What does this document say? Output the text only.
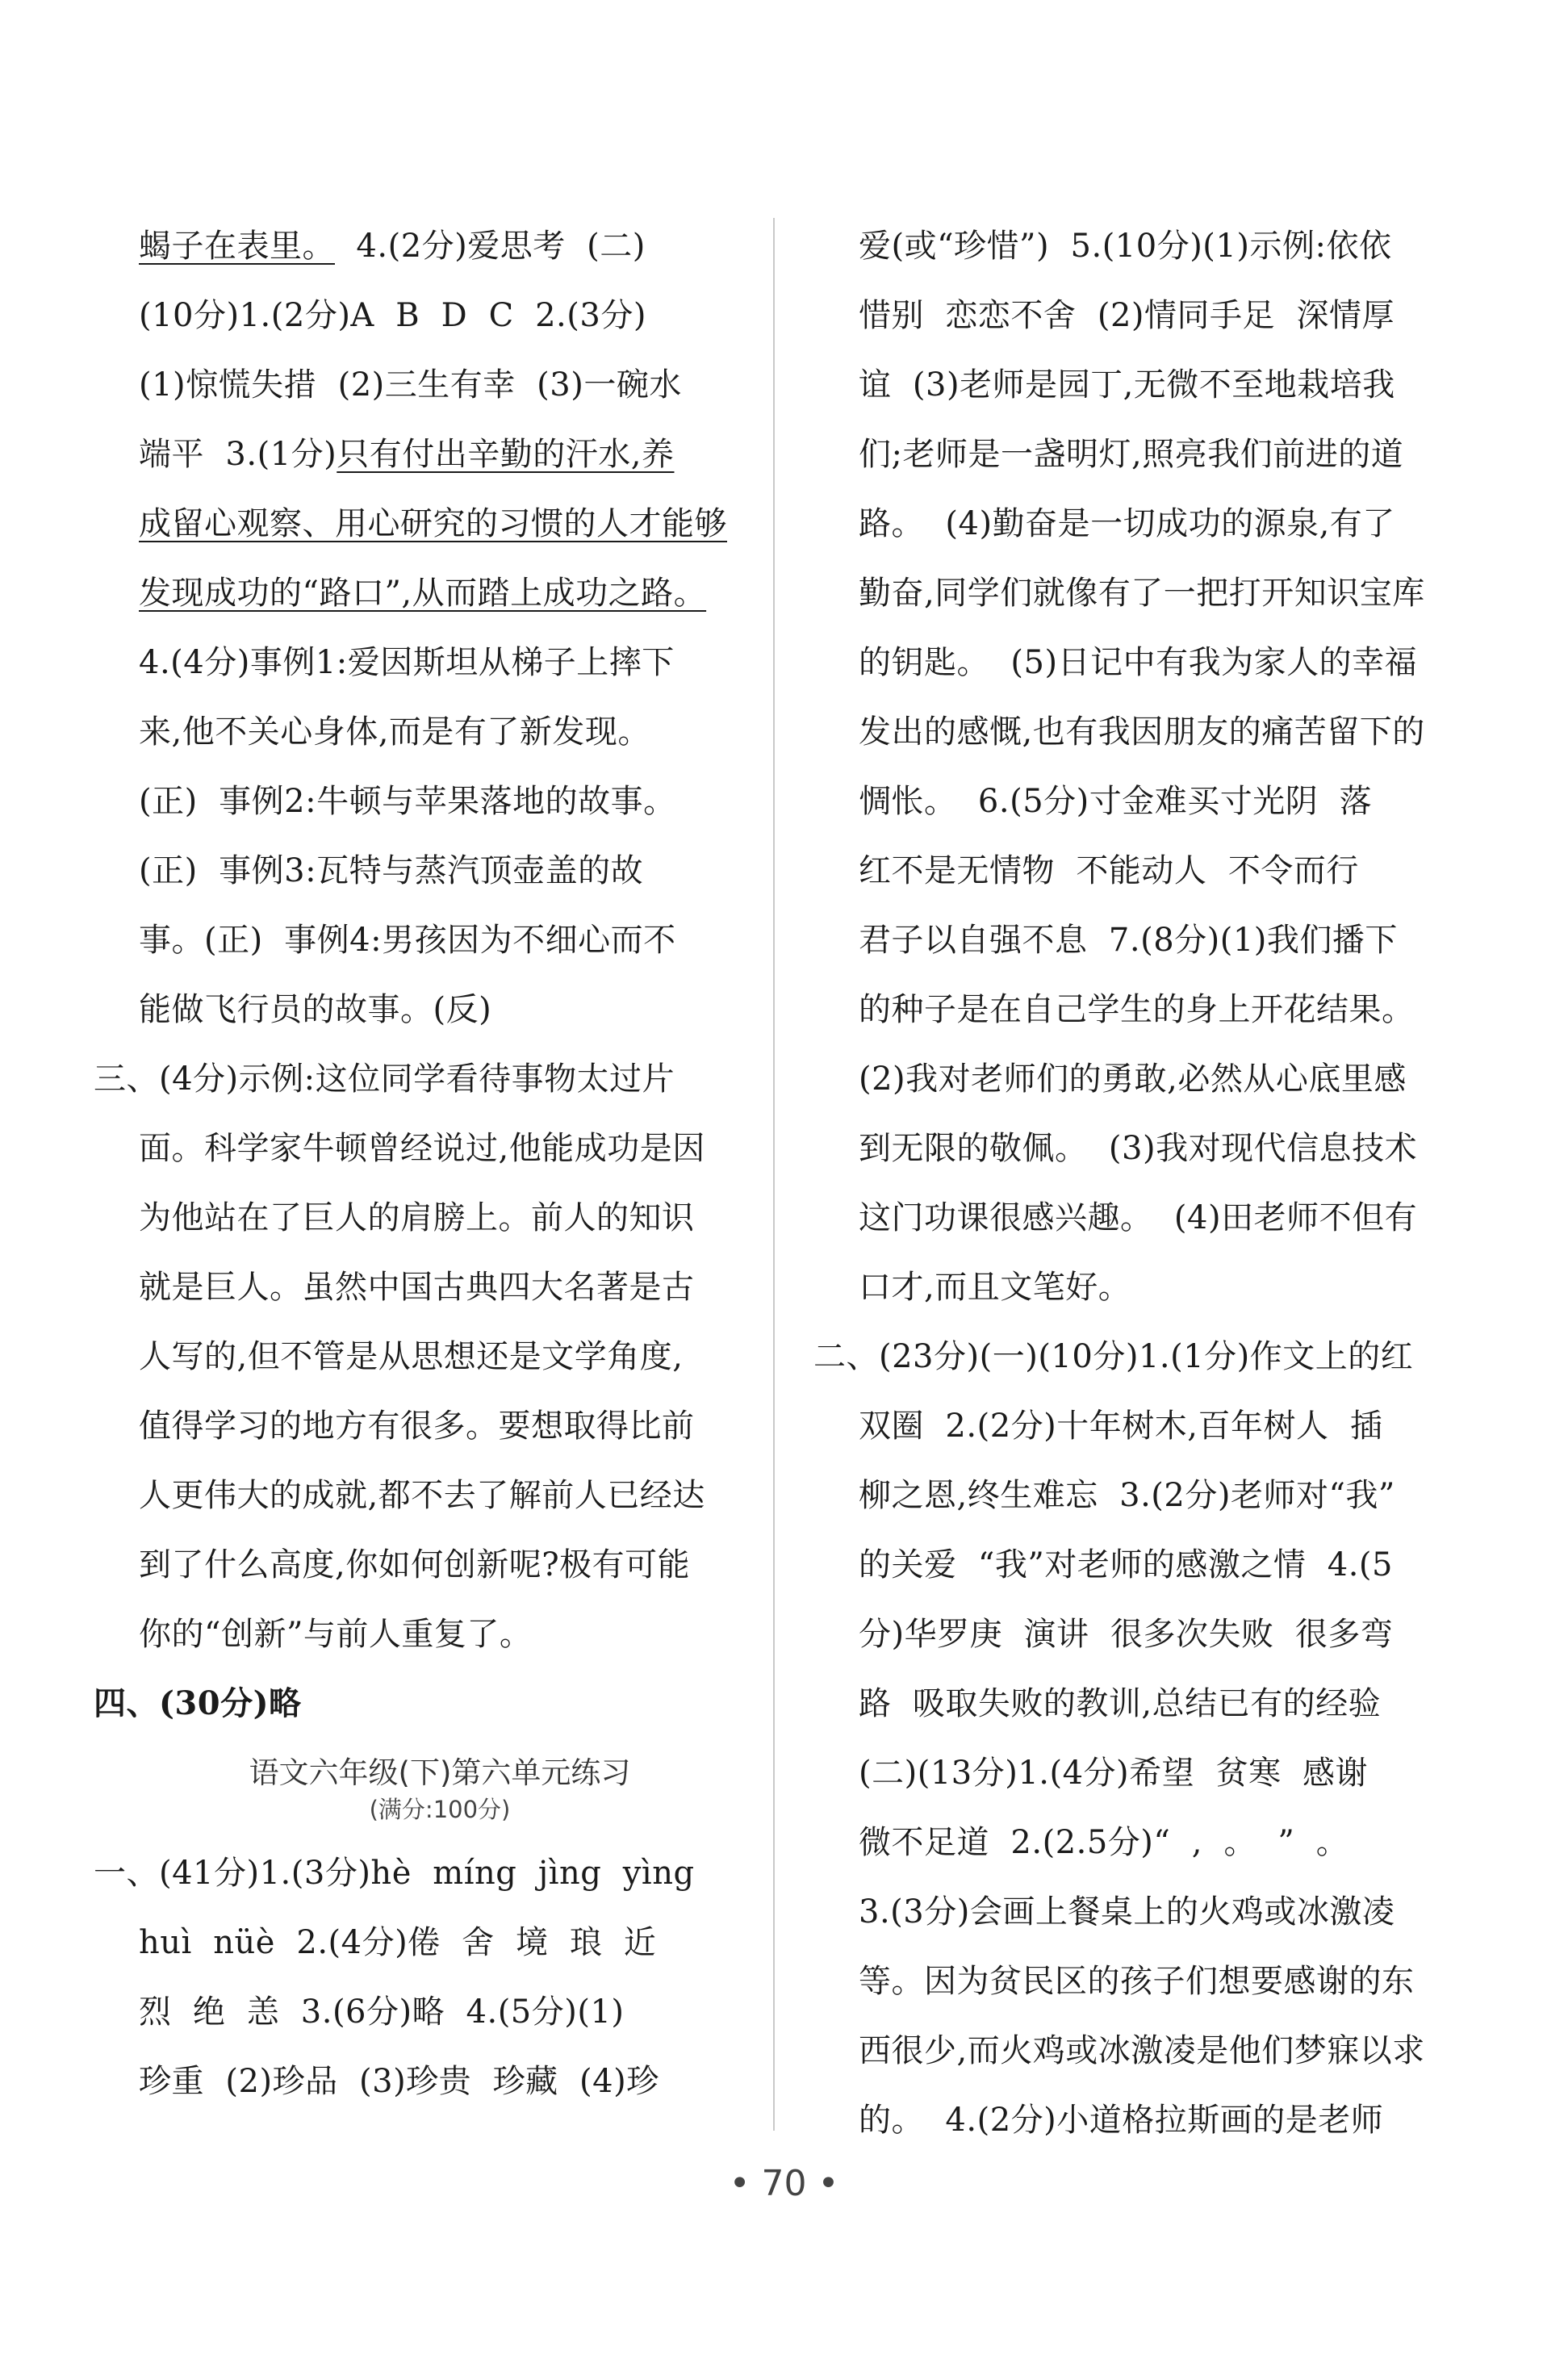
蝎子在表里。  4.(2分)爱思考  (二)
(10分)1.(2分)A  B  D  C  2.(3分)
(1)惊慌失措  (2)三生有幸  (3)一碗水
端平  3.(1分)只有付出辛勤的汗水,养
成留心观察、用心研究的习惯的人才能够
发现成功的“路口”,从而踏上成功之路。
4.(4分)事例1:爱因斯坦从梯子上摔下
来,他不关心身体,而是有了新发现。
(正)  事例2:牛顿与苹果落地的故事。
(正)  事例3:瓦特与蒸汽顶壶盖的故
事。(正)  事例4:男孩因为不细心而不
能做飞行员的故事。(反)
三、(4分)示例:这位同学看待事物太过片
面。科学家牛顿曾经说过,他能成功是因
为他站在了巨人的肩膀上。前人的知识
就是巨人。虽然中国古典四大名著是古
人写的,但不管是从思想还是文学角度,
值得学习的地方有很多。要想取得比前
人更伟大的成就,都不去了解前人已经达
到了什么高度,你如何创新呢?极有可能
你的“创新”与前人重复了。
四、(30分)略
语文六年级(下)第六单元练习
(满分:100分)
一、(41分)1.(3分)hè  míng  jìng  yìng
huì  nüè  2.(4分)倦  舍  境  琅  近
烈  绝  恙  3.(6分)略  4.(5分)(1)
珍重  (2)珍品  (3)珍贵  珍藏  (4)珍
爱(或“珍惜”)  5.(10分)(1)示例:依依
惜别  恋恋不舍  (2)情同手足  深情厚
谊  (3)老师是园丁,无微不至地栽培我
们;老师是一盏明灯,照亮我们前进的道
路。  (4)勤奋是一切成功的源泉,有了
勤奋,同学们就像有了一把打开知识宝库
的钥匙。  (5)日记中有我为家人的幸福
发出的感慨,也有我因朋友的痛苦留下的
惆怅。  6.(5分)寸金难买寸光阴  落
红不是无情物  不能动人  不令而行
君子以自强不息  7.(8分)(1)我们播下
的种子是在自己学生的身上开花结果。
(2)我对老师们的勇敢,必然从心底里感
到无限的敬佩。  (3)我对现代信息技术
这门功课很感兴趣。  (4)田老师不但有
口才,而且文笔好。
二、(23分)(一)(10分)1.(1分)作文上的红
双圈  2.(2分)十年树木,百年树人  插
柳之恩,终生难忘  3.(2分)老师对“我”
的关爱  “我”对老师的感激之情  4.(5
分)华罗庚  演讲  很多次失败  很多弯
路  吸取失败的教训,总结已有的经验
(二)(13分)1.(4分)希望  贫寒  感谢
微不足道  2.(2.5分)“  ,  。  ”  。
3.(3分)会画上餐桌上的火鸡或冰激凌
等。因为贫民区的孩子们想要感谢的东
西很少,而火鸡或冰激凌是他们梦寐以求
的。  4.(2分)小道格拉斯画的是老师
• 70 •
